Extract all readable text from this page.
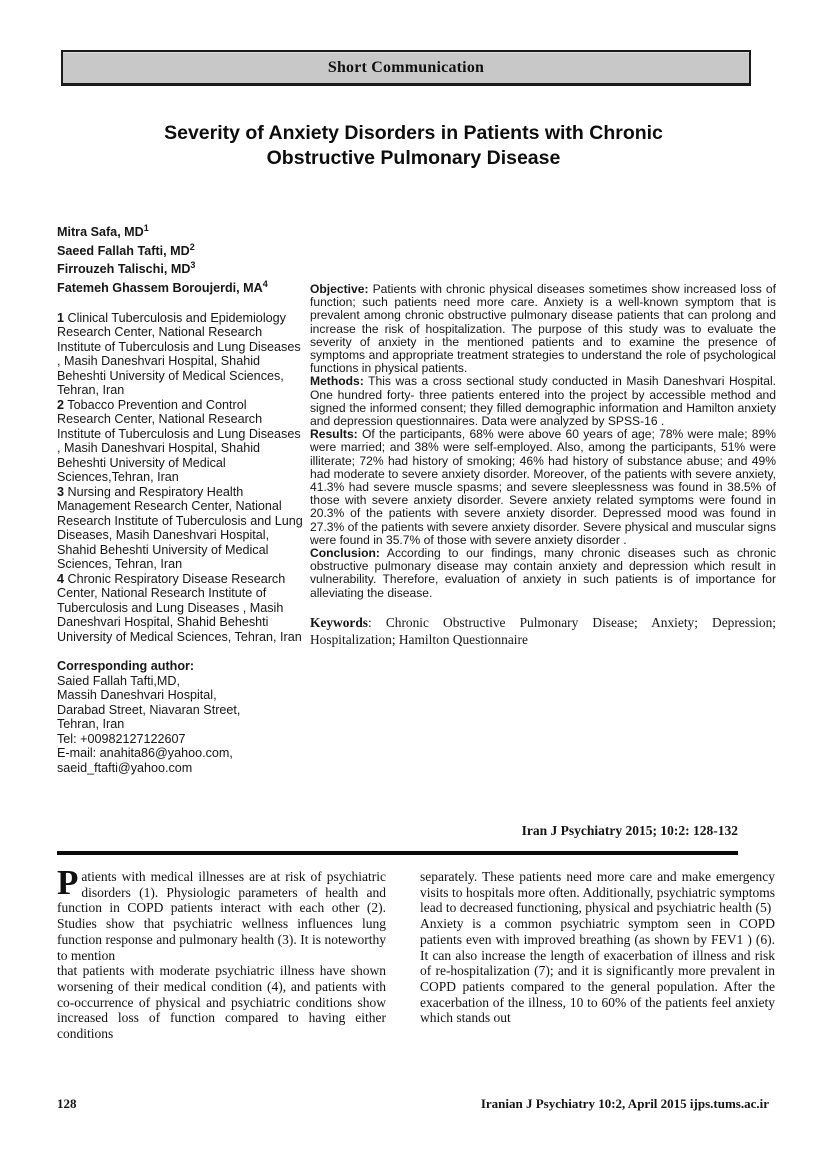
Short Communication
Severity of Anxiety Disorders in Patients with Chronic
Obstructive Pulmonary Disease

Mitra Safa, $MD^1$

Saeed Fallah Tafti, $MD^2$

Firrouzeh Talischi, $MD^3$

Fatemeh Ghassem Boroujerdi, $MA^4$

1 Clinical Tuberculosis and Epidemiology Research Center, National Research Institute of Tuberculosis and Lung Diseases , Masih Daneshvari Hospital, Shahid Beheshti University of Medical Sciences, Tehran, Iran

2 Tobacco Prevention and Control Research Center, National Research Institute of Tuberculosis and Lung Diseases , Masih Daneshvari Hospital, Shahid Beheshti University of Medical Sciences,Tehran, Iran

3 Nursing and Respiratory Health Management Research Center, National Research Institute of Tuberculosis and Lung Diseases, Masih Daneshvari Hospital, Shahid Beheshti University of Medical Sciences, Tehran, Iran

4 Chronic Respiratory Disease Research Center, National Research Institute of Tuberculosis and Lung Diseases , Masih Daneshvari Hospital, Shahid Beheshti University of Medical Sciences, Tehran, Iran

Corresponding author:
Saied Fallah Tafti,MD,
Massih Daneshvari Hospital,
Darabad Street, Niavaran Street,
Tehran, Iran
Tel: +00982127122607
E-mail: anahita86@yahoo.com,
saeid_ftafti@yahoo.com

Objective: Patients with chronic physical diseases sometimes show increased loss of function; such patients need more care. Anxiety is a well-known symptom that is prevalent among chronic obstructive pulmonary disease patients that can prolong and increase the risk of hospitalization. The purpose of this study was to evaluate the severity of anxiety in the mentioned patients and to examine the presence of symptoms and appropriate treatment strategies to understand the role of psychological functions in physical patients.

Methods: This was a cross sectional study conducted in Masih Daneshvari Hospital. One hundred forty- three patients entered into the project by accessible method and signed the informed consent; they filled demographic information and Hamilton anxiety and depression questionnaires. Data were analyzed by SPSS-16 .

Results: Of the participants, 68% were above 60 years of age; 78% were male; 89% were married; and 38% were self-employed. Also, among the participants, 51% were illiterate; 72% had history of smoking; 46% had history of substance abuse; and 49% had moderate to severe anxiety disorder. Moreover, of the patients with severe anxiety, 41.3% had severe muscle spasms; and severe sleeplessness was found in 38.5% of those with severe anxiety disorder. Severe anxiety related symptoms were found in 20.3% of the patients with severe anxiety disorder. Depressed mood was found in 27.3% of the patients with severe anxiety disorder. Severe physical and muscular signs were found in 35.7% of those with severe anxiety disorder .

Conclusion: According to our findings, many chronic diseases such as chronic obstructive pulmonary disease may contain anxiety and depression which result in vulnerability. Therefore, evaluation of anxiety in such patients is of importance for alleviating the disease.

Keywords: Chronic Obstructive Pulmonary Disease; Anxiety; Depression; Hospitalization; Hamilton Questionnaire
Iran J Psychiatry 2015; 10:2: 128-132

Patients with medical illnesses are at risk of psychiatric disorders (1). Physiologic parameters of health and function in COPD patients interact with each other (2). Studies show that psychiatric wellness influences lung function response and pulmonary health (3). It is noteworthy to mention

that patients with moderate psychiatric illness have shown worsening of their medical condition (4), and patients with co-occurrence of physical and psychiatric conditions show increased loss of function compared to having either conditions

separately. These patients need more care and make emergency visits to hospitals more often. Additionally, psychiatric symptoms lead to decreased functioning, physical and psychiatric health (5)

Anxiety is a common psychiatric symptom seen in COPD patients even with improved breathing (as shown by FEV1 ) (6). It can also increase the length of exacerbation of illness and risk of re-hospitalization (7); and it is significantly more prevalent in COPD patients compared to the general population. After the exacerbation of the illness, 10 to 60% of the patients feel anxiety which stands out

128	Iranian J Psychiatry 10:2, April 2015 ijps.tums.ac.ir
